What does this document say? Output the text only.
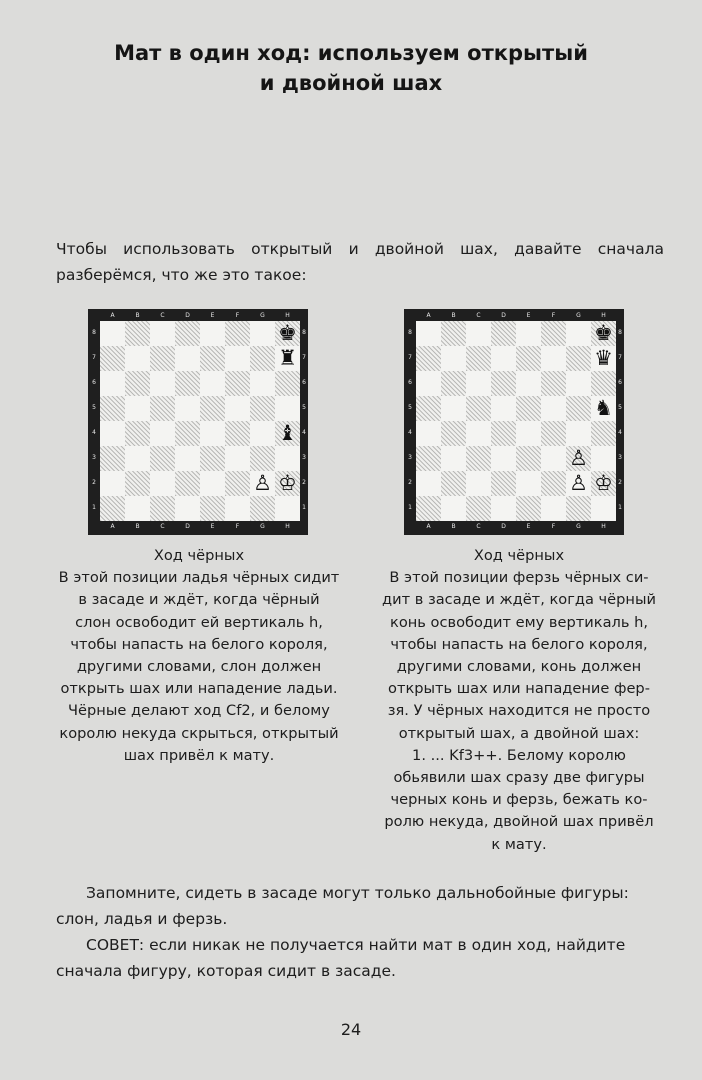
Мат в один ход: используем открытый
и двойной шах
Чтобы использовать открытый и двойной шах, давайте сначала разберёмся, что же это такое:
♚
♜
♝
♙ ♔
A
A
B
B
C
C
D
D
E
E
F
F
G
G
H
H
8	8
7	7
6	6
5	5
4	4
3	3
2	2
1	1
♚
♛
♞
♙
♙ ♔
A
A
B
B
C
C
D
D
E
E
F
F
G
G
H
H
8	8
7	7
6	6
5	5
4	4
3	3
2	2
1	1
Ход чёрных
В этой позиции ладья чёрных сидит
в засаде и ждёт, когда чёрный
слон освободит ей вертикаль h,
чтобы напасть на белого короля,
другими словами, слон должен
открыть шах или нападение ладьи.
Чёрные делают ход Cf2, и белому
королю некуда скрыться, открытый
шах привёл к мату.
Ход чёрных
В этой позиции ферзь чёрных си-
дит в засаде и ждёт, когда чёрный
конь освободит ему вертикаль h,
чтобы напасть на белого короля,
другими словами, конь должен
открыть шах или нападение фер-
зя. У чёрных находится не просто
открытый шах, а двойной шах:
1. ... Kf3++. Белому королю
обьявили шах сразу две фигуры
черных конь и ферзь, бежать ко-
ролю некуда, двойной шах привёл
к мату.

Запомните, сидеть в засаде могут только дальнобойные фигуры: слон, ладья и ферзь.

СОВЕТ: если никак не получается найти мат в один ход, найдите сначала фигуру, которая сидит в засаде.

24
